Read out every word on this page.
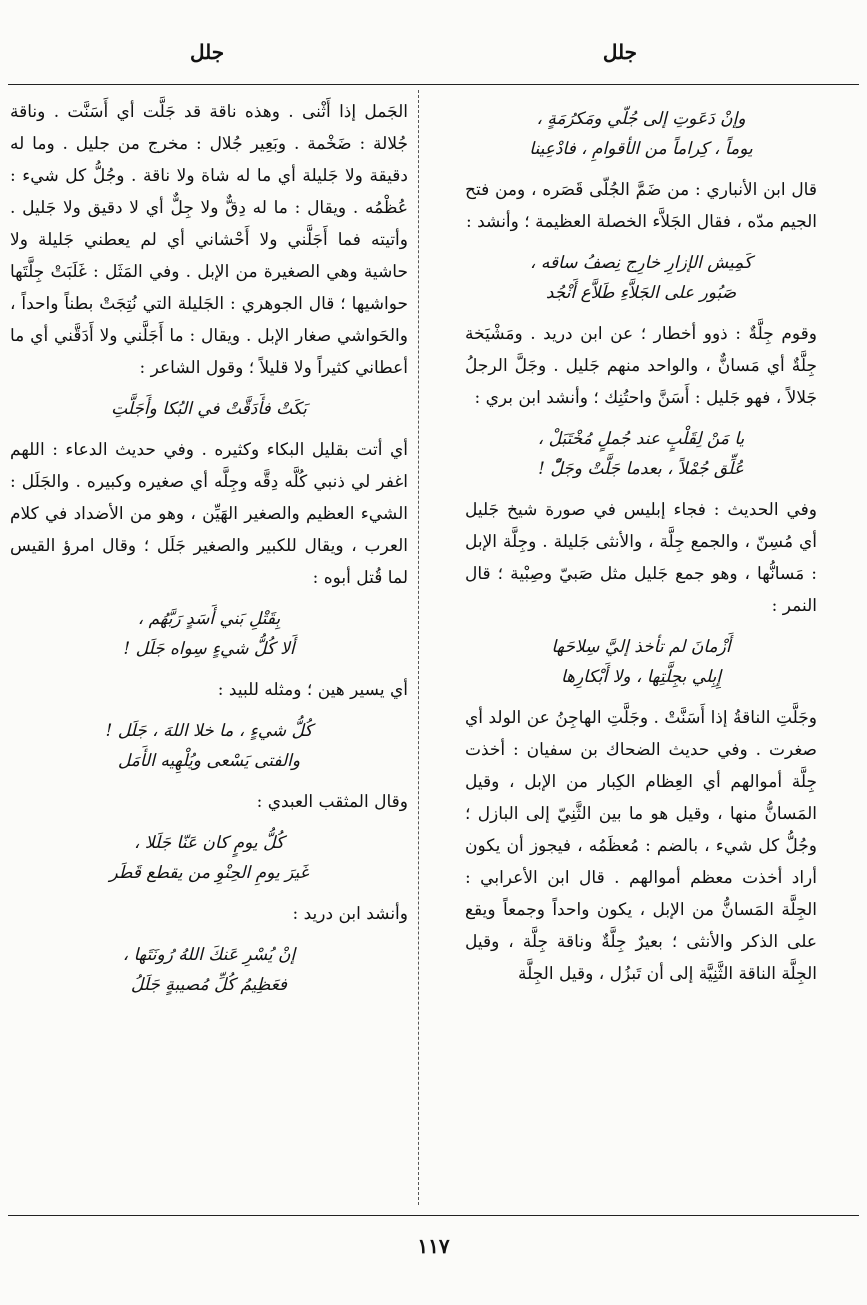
جلل
جلل
وإنْ دَعَوتِ إلى جُلّي ومَكرُمَةٍ ،
يوماً ، كِراماً من الأقوامِ ، فادْعِينا

قال ابن الأنباري : من ضَمَّ الجُلّى قَصَره ، ومن فتح الجيم مدّه ، فقال الجَلاَّء الخصلة العظيمة ؛ وأنشد :

كَمِيش الإزارِ خارِج نِصفُ ساقه ،
صَبُور على الجَلاَّءِ طَلاَّع أَنْجُد

وقوم جِلَّةٌ : ذوو أخطار ؛ عن ابن دريد . ومَشْيَخة جِلَّةٌ أي مَسانٌّ ، والواحد منهم جَليل . وجَلَّ الرجلُ جَلالاً ، فهو جَليل : أَسَنَّ واحتُنِك ؛ وأنشد ابن بري :

يا مَنْ لِقَلْبٍ عند جُملٍ مُخْتَبَلْ ،
عُلِّق جُمْلاً ، بعدما جَلَّتْ وجَلّْ !

وفي الحديث : فجاء إبليس في صورة شيخ جَليل أي مُسِنّ ، والجمع جِلَّة ، والأنثى جَليلة . وجِلَّة الإبل : مَسانُّها ، وهو جمع جَليل مثل صَبيّ وصِبْية ؛ قال النمر :

أَزْمانَ لم تأخذ إليَّ سِلاحَها
إِبِلي بجِلَّتِها ، ولا أَبْكارِها

وجَلَّتِ الناقةُ إذا أَسَنَّتْ . وجَلَّتِ الهاجِنُ عن الولد أي صغرت . وفي حديث الضحاك بن سفيان : أخذت جِلَّة أموالهم أي العِظام الكِبار من الإبل ، وقيل المَسانُّ منها ، وقيل هو ما بين الثَّنِيّ إلى البازل ؛ وجُلُّ كل شيء ، بالضم : مُعظَمُه ، فيجوز أن يكون أراد أخذت معظم أموالهم . قال ابن الأعرابي : الجِلَّة المَسانُّ من الإبل ، يكون واحداً وجمعاً ويقع على الذكر والأنثى ؛ بعيرٌ جِلَّةٌ وناقة جِلَّة ، وقيل الجِلَّة الناقة الثَّنِيَّة إلى أن تَبزُل ، وقيل الجِلَّة

الجَمل إذا أَثْنى . وهذه ناقة قد جَلَّت أي أَسَنَّت . وناقة جُلالة : ضَخْمة . وبَعِير جُلال : مخرج من جليل . وما له دقيقة ولا جَليلة أي ما له شاة ولا ناقة . وجُلُّ كل شيء : عُظْمُه . ويقال : ما له دِقٌّ ولا جِلٌّ أي لا دقيق ولا جَليل . وأتيته فما أَجَلَّني ولا أَحْشاني أي لم يعطني جَليلة ولا حاشية وهي الصغيرة من الإبل . وفي المَثَل : غَلَبَتْ جِلَّتَها حواشيها ؛ قال الجوهري : الجَليلة التي نُتِجَتْ بطناً واحداً ، والحَواشي صغار الإبل . ويقال : ما أَجَلَّني ولا أَدَقَّني أي ما أعطاني كثيراً ولا قليلاً ؛ وقول الشاعر :

بَكَتْ فأَدَقَّتْ في البُكا وأَجَلَّتِ

أي أتت بقليل البكاء وكثيره . وفي حديث الدعاء : اللهم اغفر لي ذنبي كُلَّه دِقَّه وجِلَّه أي صغيره وكبيره . والجَلَل : الشيء العظيم والصغير الهَيِّن ، وهو من الأضداد في كلام العرب ، ويقال للكبير والصغير جَلَل ؛ وقال امرؤ القيس لما قُتل أبوه :

بِقَتْلِ بَني أَسَدٍ رَبَّهُم ،
أَلا كُلُّ شيءٍ سِواه جَلَل !

أي يسير هين ؛ ومثله للبيد :

كُلُّ شيءٍ ، ما خلا اللهَ ، جَلَل !
والفتى يَسْعى ويُلْهِيه الأَمَل

وقال المثقب العبدي :

كُلُّ يومٍ كان عَنّا جَلَلا ،
غَيرَ يومِ الحِنْوِ من يقطع قَطَر

وأنشد ابن دريد :

إنْ يُسْرِ عَنكَ اللهُ رُونَتَها ،
فعَظِيمُ كُلِّ مُصيبةٍ جَلَلُ
١١٧
